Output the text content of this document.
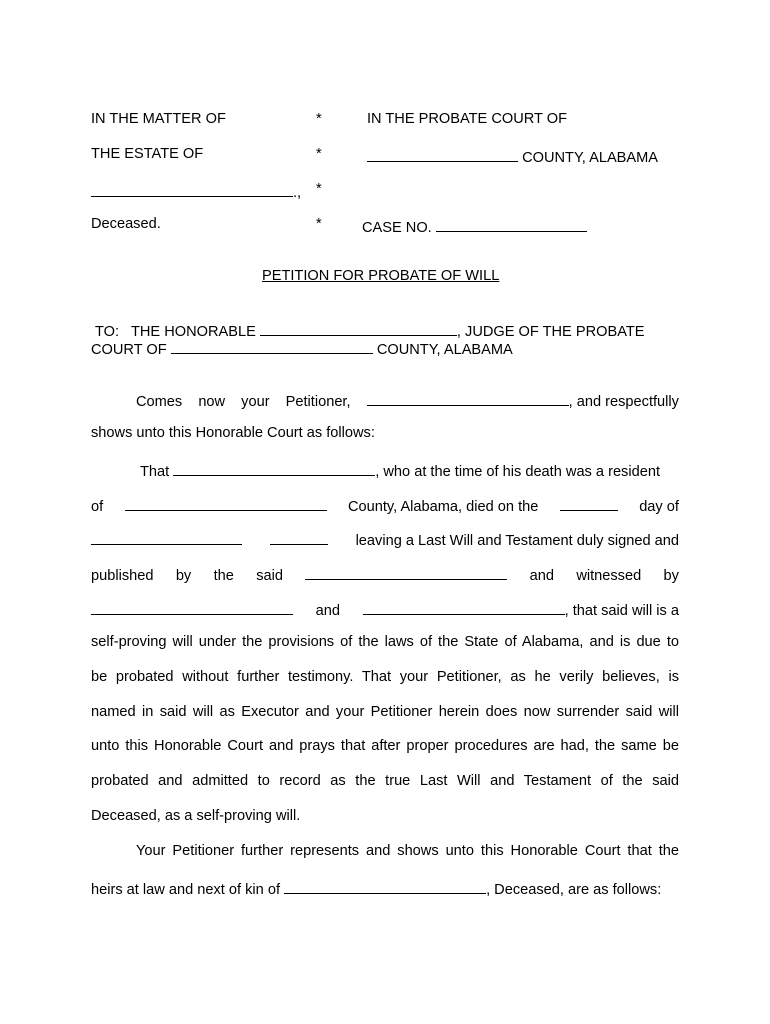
IN THE MATTER OF	*	IN THE PROBATE COURT OF
THE ESTATE OF	*	COUNTY, ALABAMA
., *
Deceased.	*	CASE NO.
PETITION FOR PROBATE OF WILL
TO: THE HONORABLE	, JUDGE OF THE PROBATE
COURT OF	COUNTY, ALABAMA
Comes now your Petitioner,	, and respectfully
shows unto this Honorable Court as follows:
That	, who at the time of his death was a resident
of	County, Alabama, died on the	day of
leaving a Last Will and Testament duly signed and
published by the said	and witnessed by
and	, that said will is a
self-proving will under the provisions of the laws of the State of Alabama, and is due to
be probated without further testimony. That your Petitioner, as he verily believes, is
named in said will as Executor and your Petitioner herein does now surrender said will
unto this Honorable Court and prays that after proper procedures are had, the same be
probated and admitted to record as the true Last Will and Testament of the said
Deceased, as a self-proving will.
Your Petitioner further represents and shows unto this Honorable Court that the
heirs at law and next of kin of	, Deceased, are as follows:
